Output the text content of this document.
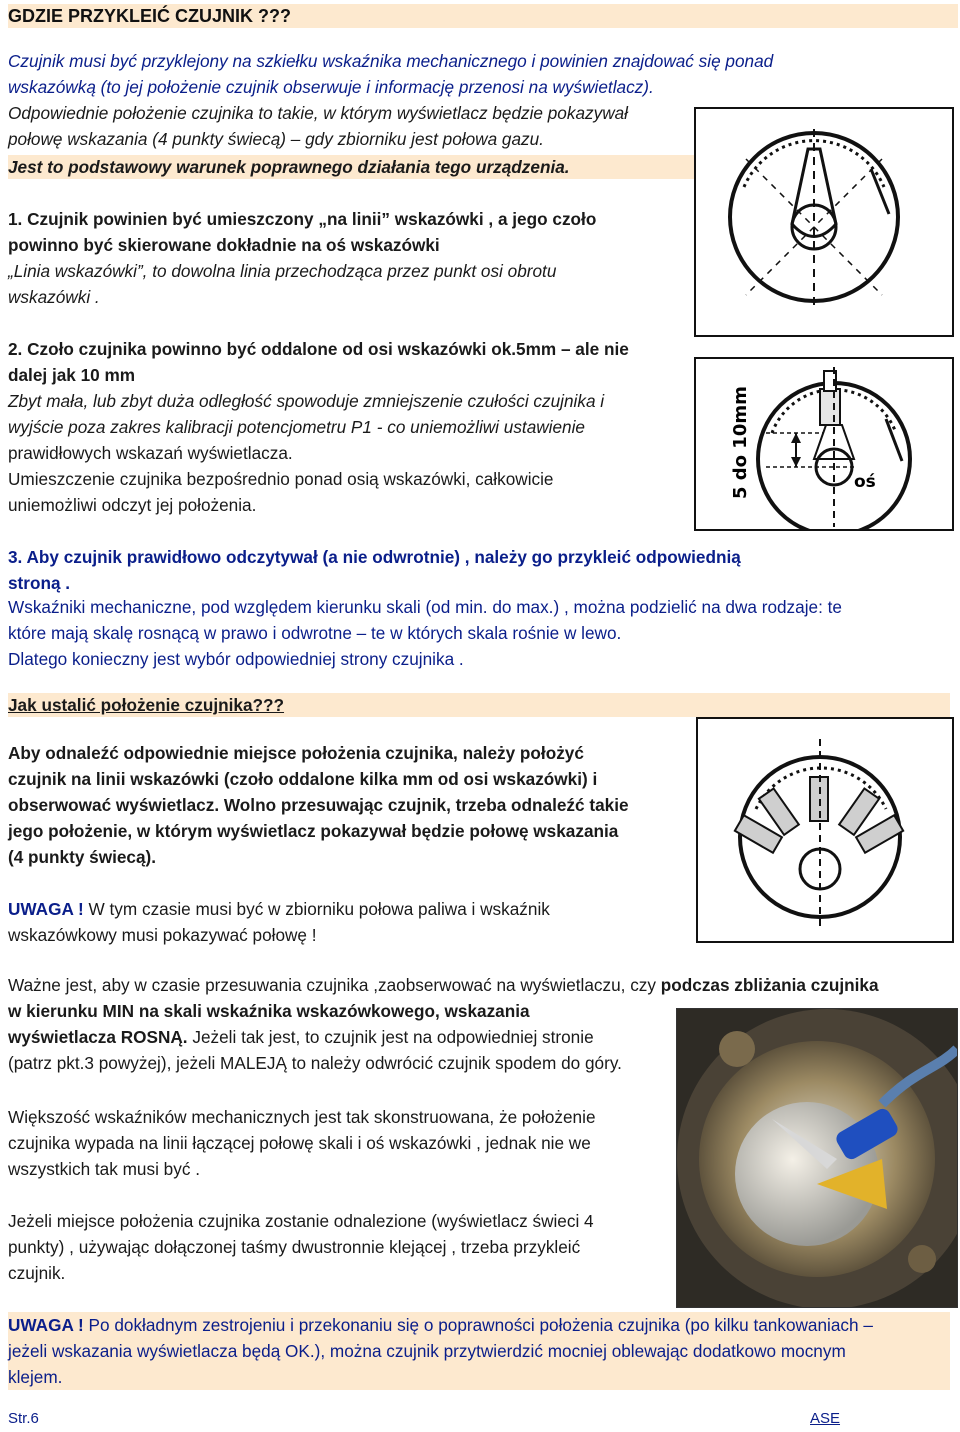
GDZIE PRZYKLEIĆ CZUJNIK ???
Czujnik musi być przyklejony na szkiełku wskaźnika mechanicznego i powinien znajdować się ponad
wskazówką (to jej położenie czujnik obserwuje i informację przenosi na wyświetlacz).
Odpowiednie położenie czujnika to takie, w którym wyświetlacz będzie pokazywał
połowę wskazania (4 punkty świecą) – gdy zbiorniku jest połowa gazu.
Jest to podstawowy warunek poprawnego działania tego urządzenia.
1. Czujnik powinien być umieszczony „na linii” wskazówki , a jego czoło
powinno być skierowane dokładnie na oś wskazówki
„Linia wskazówki”, to dowolna linia przechodząca przez punkt osi obrotu
wskazówki .
2. Czoło czujnika powinno być oddalone od osi wskazówki ok.5mm – ale nie
dalej jak 10 mm
Zbyt mała, lub zbyt duża odległość spowoduje zmniejszenie czułości czujnika i
wyjście poza zakres kalibracji potencjometru P1 - co uniemożliwi ustawienie
prawidłowych wskazań wyświetlacza.
Umieszczenie czujnika bezpośrednio ponad osią wskazówki, całkowicie
uniemożliwi odczyt jej położenia.
oś
5 do 10mm
3. Aby czujnik prawidłowo odczytywał (a nie odwrotnie) , należy go przykleić odpowiednią
stroną .
Wskaźniki mechaniczne, pod względem kierunku skali (od min. do max.) , można podzielić na dwa rodzaje: te
które mają skalę rosnącą w prawo i odwrotne – te w których skala rośnie w lewo.
Dlatego konieczny jest wybór odpowiedniej strony czujnika .
Jak ustalić położenie czujnika???
Aby odnaleźć odpowiednie miejsce położenia czujnika, należy położyć
czujnik na linii wskazówki (czoło oddalone kilka mm od osi wskazówki) i
obserwować wyświetlacz. Wolno przesuwając czujnik, trzeba odnaleźć takie
jego położenie, w którym wyświetlacz pokazywał będzie połowę wskazania
(4 punkty świecą).
UWAGA ! W tym czasie musi być w zbiorniku połowa paliwa i wskaźnik
wskazówkowy musi pokazywać połowę !
Ważne jest, aby w czasie przesuwania czujnika ,zaobserwować na wyświetlaczu, czy podczas zbliżania czujnika
w kierunku MIN na skali wskaźnika wskazówkowego, wskazania
wyświetlacza ROSNĄ. Jeżeli tak jest, to czujnik jest na odpowiedniej stronie
(patrz pkt.3 powyżej), jeżeli MALEJĄ to należy odwrócić czujnik spodem do góry.
Większość wskaźników mechanicznych jest tak skonstruowana, że położenie
czujnika wypada na linii łączącej połowę skali i oś wskazówki , jednak nie we
wszystkich tak musi być .
Jeżeli miejsce położenia czujnika zostanie odnalezione (wyświetlacz świeci 4
punkty) , używając dołączonej taśmy dwustronnie klejącej , trzeba przykleić
czujnik.
UWAGA ! Po dokładnym zestrojeniu i przekonaniu się o poprawności położenia czujnika (po kilku tankowaniach –
jeżeli wskazania wyświetlacza będą OK.), można czujnik przytwierdzić mocniej oblewając dodatkowo mocnym
klejem.
Str.6	ASE
